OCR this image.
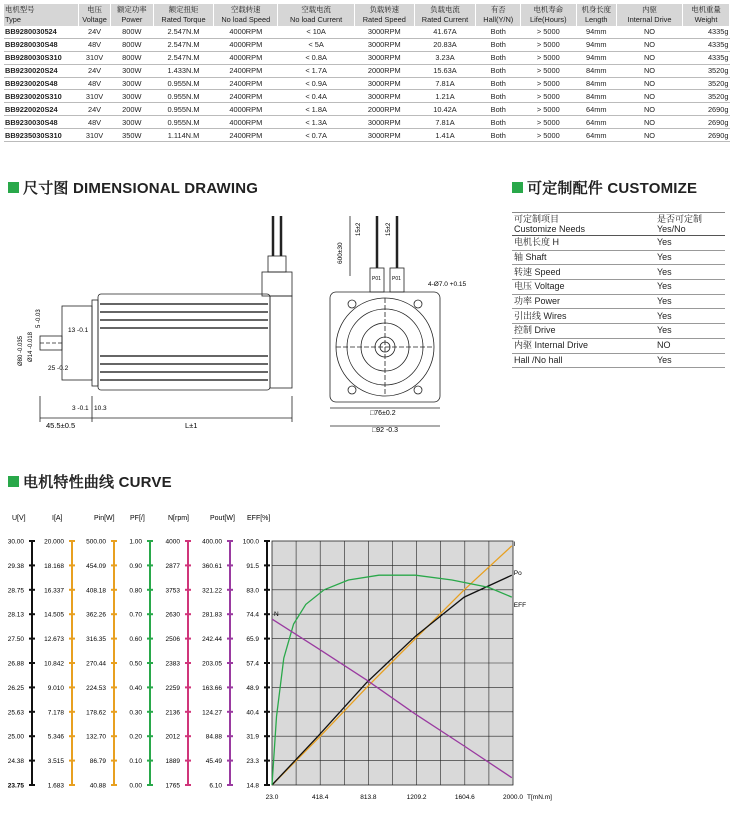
电机型号
Type	电压
Voltage	额定功率
Power	额定扭矩
Rated Torque	空载转速
No load Speed	空载电流
No load Current	负载转速
Rated Speed	负载电流
Rated Current	有否
Hall(Y/N)	电机寿命
Life(Hours)	机身长度
Length	内驱
Internal Drive	电机重量
Weight
BB9280030524	24V	800W	2.547N.M	4000RPM	< 10A	3000RPM	41.67A	Both	> 5000	94mm	NO	4335g
BB9280030S48	48V	800W	2.547N.M	4000RPM	< 5A	3000RPM	20.83A	Both	> 5000	94mm	NO	4335g
BB9280030S310	310V	800W	2.547N.M	4000RPM	< 0.8A	3000RPM	3.23A	Both	> 5000	94mm	NO	4335g
BB9230020S24	24V	300W	1.433N.M	2400RPM	< 1.7A	2000RPM	15.63A	Both	> 5000	84mm	NO	3520g
BB9230020S48	48V	300W	0.955N.M	2400RPM	< 0.9A	3000RPM	7.81A	Both	> 5000	84mm	NO	3520g
BB9230020S310	310V	300W	0.955N.M	2400RPM	< 0.4A	3000RPM	1.21A	Both	> 5000	84mm	NO	3520g
BB9220020S24	24V	200W	0.955N.M	4000RPM	< 1.8A	2000RPM	10.42A	Both	> 5000	64mm	NO	2690g
BB9230030S48	48V	300W	0.955N.M	4000RPM	< 1.3A	3000RPM	7.81A	Both	> 5000	64mm	NO	2690g
BB9235030S310	310V	350W	1.114N.M	2400RPM	< 0.7A	3000RPM	1.41A	Both	> 5000	64mm	NO	2690g
尺寸图 DIMENSIONAL DRAWING	可定制配件 CUSTOMIZE
电机特性曲线 CURVE
可定制项目
Customize Needs	是否可定制
Yes/No
电机长度 H	Yes
轴 Shaft	Yes
转速 Speed	Yes
电压 Voltage	Yes
功率 Power	Yes
引出线 Wires	Yes
控制 Drive	Yes
内驱 Internal Drive	NO
Hall /No hall	Yes
45.5±0.5	L±1
Ø80 -0.035 Ø14 -0.018
5 -0.03
25 -0.2
13 -0.1
3 -0.1 10.3
600±30
15±2	15±2
4-Ø7.0 +0.15
P01 P01
□76±0.2
□92 -0.3
U[V]
30.00
29.38
28.75
28.13
27.50
26.88
26.25
25.63
25.00
24.38
23.75
I[A]
20.000
18.168
16.337
14.505
12.673
10.842
9.010
7.178
5.346
3.515
1.683
Pin[W]
500.00
454.09
408.18
362.26
316.35
270.44
224.53
178.62
132.70
86.79
40.88
PF[/]
1.00
0.90
0.80
0.70
0.60
0.50
0.40
0.30
0.20
0.10
0.00
N[rpm]
4000
2877
3753
2630
2506
2383
2259
2136
2012
1889
1765
Pout[W]
400.00
360.61
321.22
281.83
242.44
203.05
163.66
124.27
84.88
45.49
6.10
EFF[%]
100.0
91.5
83.0
74.4
65.9
57.4
48.9
40.4
31.9
23.3
14.8
23.0	418.4	813.8	1209.2	1604.6	2000.0 T[mN.m]
I
Po
EFF
N
